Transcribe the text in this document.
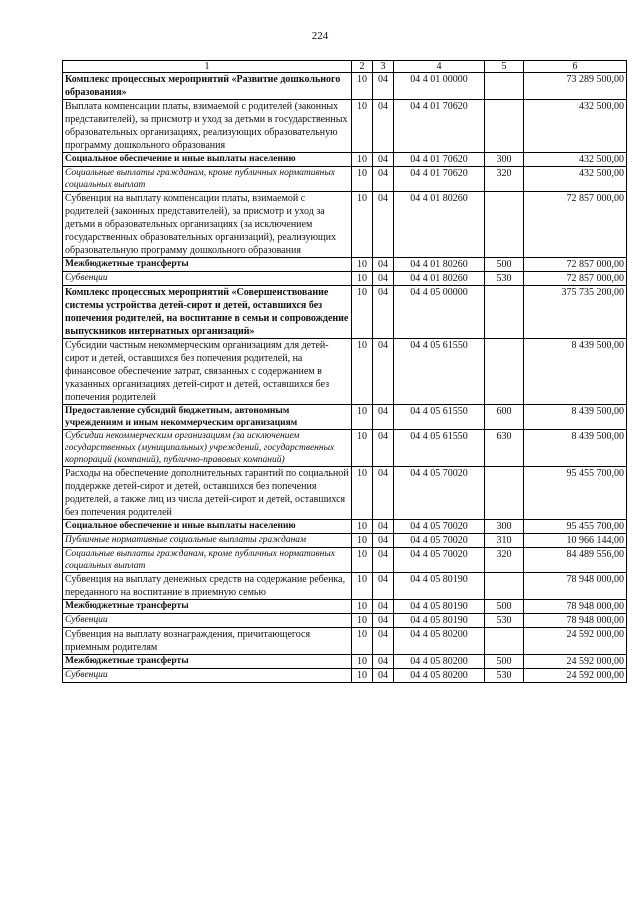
224
1	2	3	4	5	6
Комплекс процессных мероприятий «Развитие дошкольного образования»	10	04	04 4 01 00000		73 289 500,00
Выплата компенсации платы, взимаемой с родителей (законных представителей), за присмотр и уход за детьми в государственных образовательных организациях, реализующих образовательную программу дошкольного образования	10	04	04 4 01 70620		432 500,00
Социальное обеспечение и иные выплаты населению	10	04	04 4 01 70620	300	432 500,00
Социальные выплаты гражданам, кроме публичных нормативных социальных выплат	10	04	04 4 01 70620	320	432 500,00
Субвенция на выплату компенсации платы, взимаемой с родителей (законных представителей), за присмотр и уход за детьми в образовательных организациях (за исключением государственных образовательных организаций), реализующих образовательную программу дошкольного образования	10	04	04 4 01 80260		72 857 000,00
Межбюджетные трансферты	10	04	04 4 01 80260	500	72 857 000,00
Субвенции	10	04	04 4 01 80260	530	72 857 000,00
Комплекс процессных мероприятий «Совершенствование системы устройства детей-сирот и детей, оставшихся без попечения родителей, на воспитание в семьи и сопровождение выпускников интернатных организаций»	10	04	04 4 05 00000		375 735 200,00
Субсидии частным некоммерческим организациям для детей-сирот и детей, оставшихся без попечения родителей, на финансовое обеспечение затрат, связанных с содержанием в указанных организациях детей-сирот и детей, оставшихся без попечения родителей	10	04	04 4 05 61550		8 439 500,00
Предоставление субсидий бюджетным, автономным учреждениям и иным некоммерческим организациям	10	04	04 4 05 61550	600	8 439 500,00
Субсидии некоммерческим организациям (за исключением государственных (муниципальных) учреждений, государственных корпораций (компаний), публично-правовых компаний)	10	04	04 4 05 61550	630	8 439 500,00
Расходы на обеспечение дополнительных гарантий по социальной поддержке детей-сирот и детей, оставшихся без попечения родителей, а также лиц из числа детей-сирот и детей, оставшихся без попечения родителей	10	04	04 4 05 70020		95 455 700,00
Социальное обеспечение и иные выплаты населению	10	04	04 4 05 70020	300	95 455 700,00
Публичные нормативные социальные выплаты гражданам	10	04	04 4 05 70020	310	10 966 144,00
Социальные выплаты гражданам, кроме публичных нормативных социальных выплат	10	04	04 4 05 70020	320	84 489 556,00
Субвенция на выплату денежных средств на содержание ребенка, переданного на воспитание в приемную семью	10	04	04 4 05 80190		78 948 000,00
Межбюджетные трансферты	10	04	04 4 05 80190	500	78 948 000,00
Субвенции	10	04	04 4 05 80190	530	78 948 000,00
Субвенция на выплату вознаграждения, причитающегося приемным родителям	10	04	04 4 05 80200		24 592 000,00
Межбюджетные трансферты	10	04	04 4 05 80200	500	24 592 000,00
Субвенции	10	04	04 4 05 80200	530	24 592 000,00
